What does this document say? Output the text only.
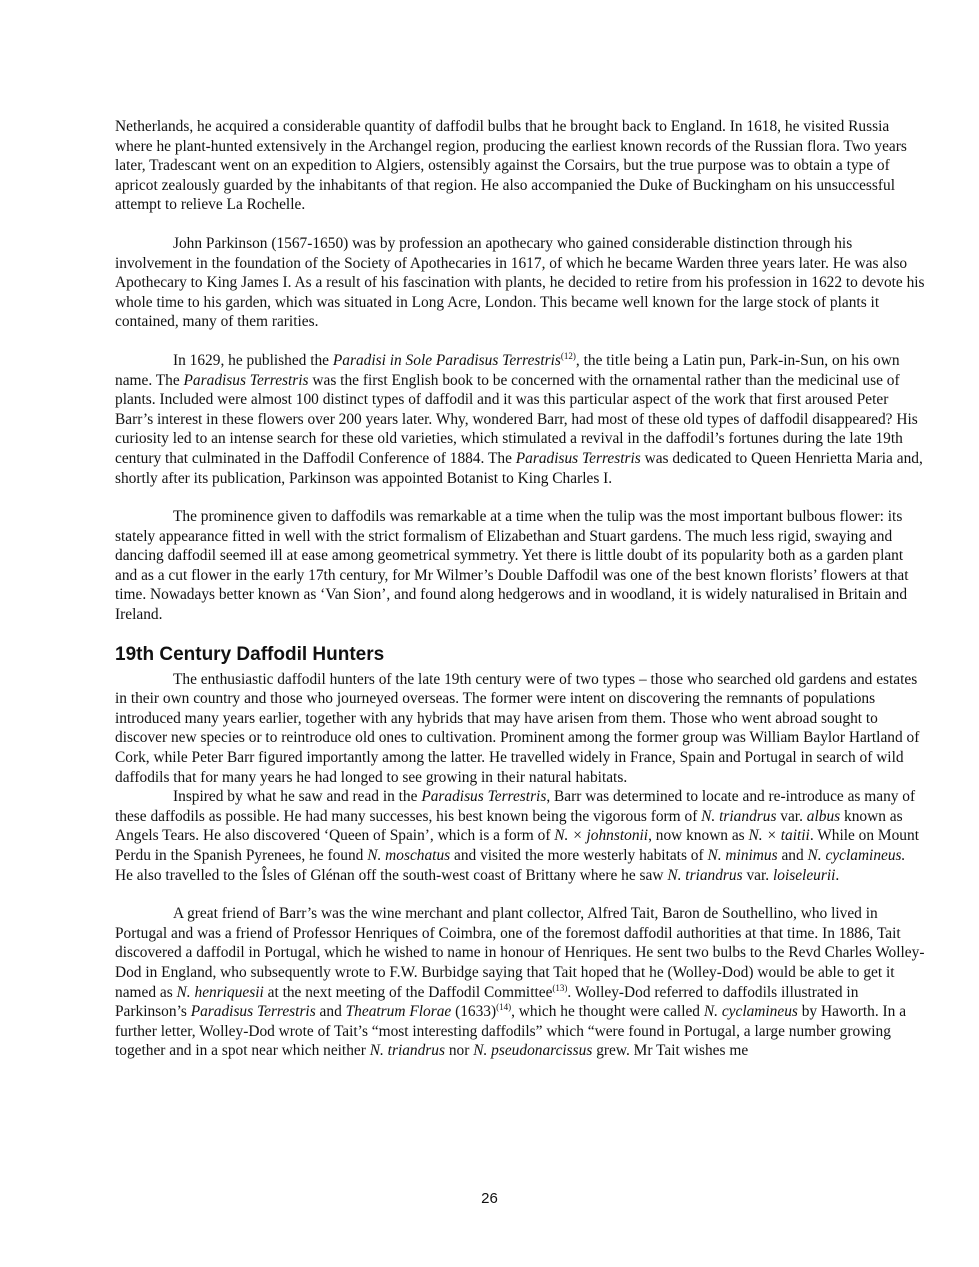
Netherlands, he acquired a considerable quantity of daffodil bulbs that he brought back to England. In 1618, he visited Russia where he plant-hunted extensively in the Archangel region, producing the earliest known records of the Russian flora. Two years later, Tradescant went on an expedition to Algiers, ostensibly against the Corsairs, but the true purpose was to obtain a type of apricot zealously guarded by the inhabitants of that region. He also accompanied the Duke of Buckingham on his unsuccessful attempt to relieve La Rochelle.

John Parkinson (1567-1650) was by profession an apothecary who gained considerable distinction through his involvement in the foundation of the Society of Apothecaries in 1617, of which he became Warden three years later. He was also Apothecary to King James I. As a result of his fascination with plants, he decided to retire from his profession in 1622 to devote his whole time to his garden, which was situated in Long Acre, London. This became well known for the large stock of plants it contained, many of them rarities.

In 1629, he published the Paradisi in Sole Paradisus Terrestris$^{(12)}$, the title being a Latin pun, Park-in-Sun, on his own name. The Paradisus Terrestris was the first English book to be concerned with the ornamental rather than the medicinal use of plants. Included were almost 100 distinct types of daffodil and it was this particular aspect of the work that first aroused Peter Barr’s interest in these flowers over 200 years later. Why, wondered Barr, had most of these old types of daffodil disappeared? His curiosity led to an intense search for these old varieties, which stimulated a revival in the daffodil’s fortunes during the late 19th century that culminated in the Daffodil Conference of 1884. The Paradisus Terrestris was dedicated to Queen Henrietta Maria and, shortly after its publication, Parkinson was appointed Botanist to King Charles I.

The prominence given to daffodils was remarkable at a time when the tulip was the most important bulbous flower: its stately appearance fitted in well with the strict formalism of Elizabethan and Stuart gardens. The much less rigid, swaying and dancing daffodil seemed ill at ease among geometrical symmetry. Yet there is little doubt of its popularity both as a garden plant and as a cut flower in the early 17th century, for Mr Wilmer’s Double Daffodil was one of the best known florists’ flowers at that time. Nowadays better known as ‘Van Sion’, and found along hedgerows and in woodland, it is widely naturalised in Britain and Ireland.

19th Century Daffodil Hunters

The enthusiastic daffodil hunters of the late 19th century were of two types – those who searched old gardens and estates in their own country and those who journeyed overseas. The former were intent on discovering the remnants of populations introduced many years earlier, together with any hybrids that may have arisen from them. Those who went abroad sought to discover new species or to reintroduce old ones to cultivation. Prominent among the former group was William Baylor Hartland of Cork, while Peter Barr figured importantly among the latter. He travelled widely in France, Spain and Portugal in search of wild daffodils that for many years he had longed to see growing in their natural habitats.

Inspired by what he saw and read in the Paradisus Terrestris, Barr was determined to locate and re-introduce as many of these daffodils as possible. He had many successes, his best known being the vigorous form of N. triandrus var. albus known as Angels Tears. He also discovered ‘Queen of Spain’, which is a form of N. × johnstonii, now known as N. × taitii. While on Mount Perdu in the Spanish Pyrenees, he found N. moschatus and visited the more westerly habitats of N. minimus and N. cyclamineus. He also travelled to the Îsles of Glénan off the south-west coast of Brittany where he saw N. triandrus var. loiseleurii.

A great friend of Barr’s was the wine merchant and plant collector, Alfred Tait, Baron de Southellino, who lived in Portugal and was a friend of Professor Henriques of Coimbra, one of the foremost daffodil authorities at that time. In 1886, Tait discovered a daffodil in Portugal, which he wished to name in honour of Henriques. He sent two bulbs to the Revd Charles Wolley-Dod in England, who subsequently wrote to F.W. Burbidge saying that Tait hoped that he (Wolley-Dod) would be able to get it named as N. henriquesii at the next meeting of the Daffodil Committee$^{(13)}$. Wolley-Dod referred to daffodils illustrated in Parkinson’s Paradisus Terrestris and Theatrum Florae $(1633)^{(14)}$, which he thought were called N. cyclamineus by Haworth. In a further letter, Wolley-Dod wrote of Tait’s “most interesting daffodils” which “were found in Portugal, a large number growing together and in a spot near which neither N. triandrus nor N. pseudonarcissus grew. Mr Tait wishes me

26
